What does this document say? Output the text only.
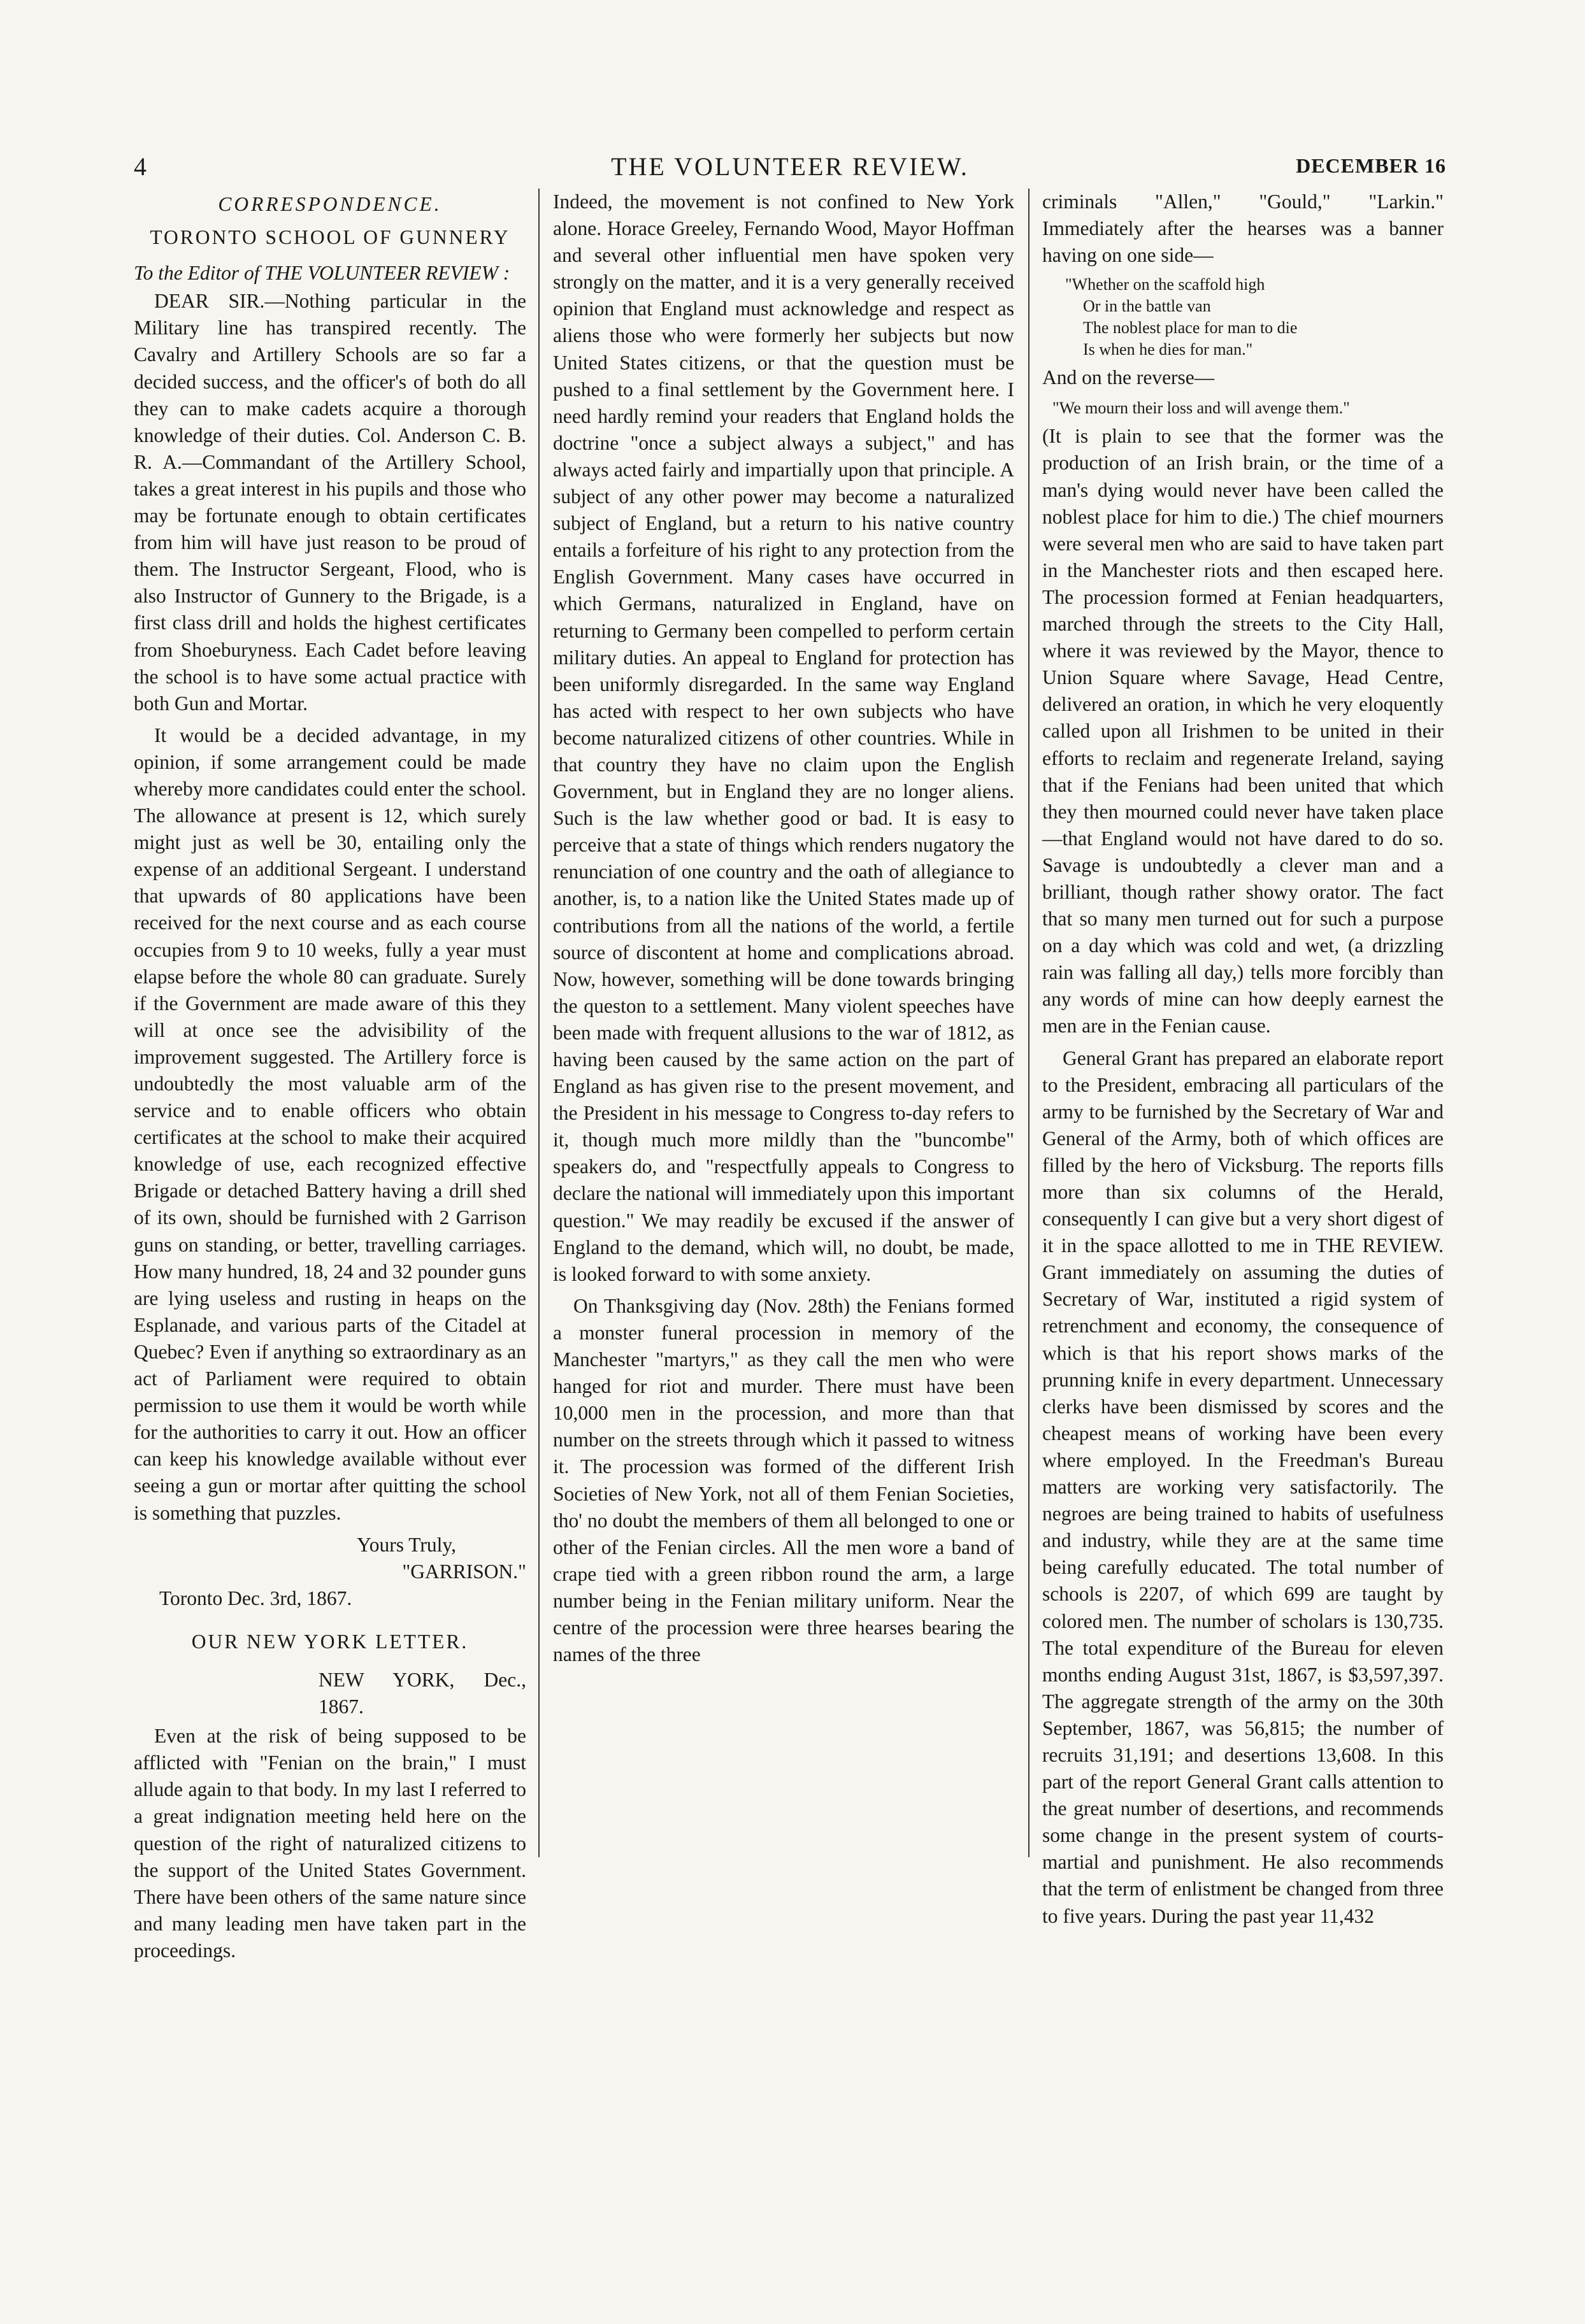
4	THE VOLUNTEER REVIEW.	DECEMBER 16
CORRESPONDENCE.
TORONTO SCHOOL OF GUNNERY
To the Editor of THE VOLUNTEER REVIEW :

DEAR SIR.—Nothing particular in the Military line has transpired recently. The Cavalry and Artillery Schools are so far a decided success, and the officer's of both do all they can to make cadets acquire a thorough knowledge of their duties. Col. Anderson C. B. R. A.—Commandant of the Artillery School, takes a great interest in his pupils and those who may be fortunate enough to obtain certificates from him will have just reason to be proud of them. The Instructor Sergeant, Flood, who is also Instructor of Gunnery to the Brigade, is a first class drill and holds the highest certificates from Shoeburyness. Each Cadet before leaving the school is to have some actual practice with both Gun and Mortar.

It would be a decided advantage, in my opinion, if some arrangement could be made whereby more candidates could enter the school. The allowance at present is 12, which surely might just as well be 30, entailing only the expense of an additional Sergeant. I understand that upwards of 80 applications have been received for the next course and as each course occupies from 9 to 10 weeks, fully a year must elapse before the whole 80 can graduate. Surely if the Government are made aware of this they will at once see the advisibility of the improvement suggested. The Artillery force is undoubtedly the most valuable arm of the service and to enable officers who obtain certificates at the school to make their acquired knowledge of use, each recognized effective Brigade or detached Battery having a drill shed of its own, should be furnished with 2 Garrison guns on standing, or better, travelling carriages. How many hundred, 18, 24 and 32 pounder guns are lying useless and rusting in heaps on the Esplanade, and various parts of the Citadel at Quebec? Even if anything so extraordinary as an act of Parliament were required to obtain permission to use them it would be worth while for the authorities to carry it out. How an officer can keep his knowledge available without ever seeing a gun or mortar after quitting the school is something that puzzles.

Yours Truly,
"GARRISON."
Toronto Dec. 3rd, 1867.
OUR NEW YORK LETTER.
NEW YORK, Dec., 1867.

Even at the risk of being supposed to be afflicted with "Fenian on the brain," I must allude again to that body. In my last I referred to a great indignation meeting held here on the question of the right of naturalized citizens to the support of the United States Government. There have been others of the same nature since and many leading men have taken part in the proceedings.

Indeed, the movement is not confined to New York alone. Horace Greeley, Fernando Wood, Mayor Hoffman and several other influential men have spoken very strongly on the matter, and it is a very generally received opinion that England must acknowledge and respect as aliens those who were formerly her subjects but now United States citizens, or that the question must be pushed to a final settlement by the Government here. I need hardly remind your readers that England holds the doctrine "once a subject always a subject," and has always acted fairly and impartially upon that principle. A subject of any other power may become a naturalized subject of England, but a return to his native country entails a forfeiture of his right to any protection from the English Government. Many cases have occurred in which Germans, naturalized in England, have on returning to Germany been compelled to perform certain military duties. An appeal to England for protection has been uniformly disregarded. In the same way England has acted with respect to her own subjects who have become naturalized citizens of other countries. While in that country they have no claim upon the English Government, but in England they are no longer aliens. Such is the law whether good or bad. It is easy to perceive that a state of things which renders nugatory the renunciation of one country and the oath of allegiance to another, is, to a nation like the United States made up of contributions from all the nations of the world, a fertile source of discontent at home and complications abroad. Now, however, something will be done towards bringing the queston to a settlement. Many violent speeches have been made with frequent allusions to the war of 1812, as having been caused by the same action on the part of England as has given rise to the present movement, and the President in his message to Congress to-day refers to it, though much more mildly than the "buncombe" speakers do, and "respectfully appeals to Congress to declare the national will immediately upon this important question." We may readily be excused if the answer of England to the demand, which will, no doubt, be made, is looked forward to with some anxiety.

On Thanksgiving day (Nov. 28th) the Fenians formed a monster funeral procession in memory of the Manchester "martyrs," as they call the men who were hanged for riot and murder. There must have been 10,000 men in the procession, and more than that number on the streets through which it passed to witness it. The procession was formed of the different Irish Societies of New York, not all of them Fenian Societies, tho' no doubt the members of them all belonged to one or other of the Fenian circles. All the men wore a band of crape tied with a green ribbon round the arm, a large number being in the Fenian military uniform. Near the centre of the procession were three hearses bearing the names of the three

criminals "Allen," "Gould," "Larkin." Immediately after the hearses was a banner having on one side—

"Whether on the scaffold high
Or in the battle van
The noblest place for man to die
Is when he dies for man."

And on the reverse—

"We mourn their loss and will avenge them."

(It is plain to see that the former was the production of an Irish brain, or the time of a man's dying would never have been called the noblest place for him to die.) The chief mourners were several men who are said to have taken part in the Manchester riots and then escaped here. The procession formed at Fenian headquarters, marched through the streets to the City Hall, where it was reviewed by the Mayor, thence to Union Square where Savage, Head Centre, delivered an oration, in which he very eloquently called upon all Irishmen to be united in their efforts to reclaim and regenerate Ireland, saying that if the Fenians had been united that which they then mourned could never have taken place—that England would not have dared to do so. Savage is undoubtedly a clever man and a brilliant, though rather showy orator. The fact that so many men turned out for such a purpose on a day which was cold and wet, (a drizzling rain was falling all day,) tells more forcibly than any words of mine can how deeply earnest the men are in the Fenian cause.

General Grant has prepared an elaborate report to the President, embracing all particulars of the army to be furnished by the Secretary of War and General of the Army, both of which offices are filled by the hero of Vicksburg. The reports fills more than six columns of the Herald, consequently I can give but a very short digest of it in the space allotted to me in THE REVIEW. Grant immediately on assuming the duties of Secretary of War, instituted a rigid system of retrenchment and economy, the consequence of which is that his report shows marks of the prunning knife in every department. Unnecessary clerks have been dismissed by scores and the cheapest means of working have been every where employed. In the Freedman's Bureau matters are working very satisfactorily. The negroes are being trained to habits of usefulness and industry, while they are at the same time being carefully educated. The total number of schools is 2207, of which 699 are taught by colored men. The number of scholars is 130,735. The total expenditure of the Bureau for eleven months ending August 31st, 1867, is $3,597,397. The aggregate strength of the army on the 30th September, 1867, was 56,815; the number of recruits 31,191; and desertions 13,608. In this part of the report General Grant calls attention to the great number of desertions, and recommends some change in the present system of courts-martial and punishment. He also recommends that the term of enlistment be changed from three to five years. During the past year 11,432
